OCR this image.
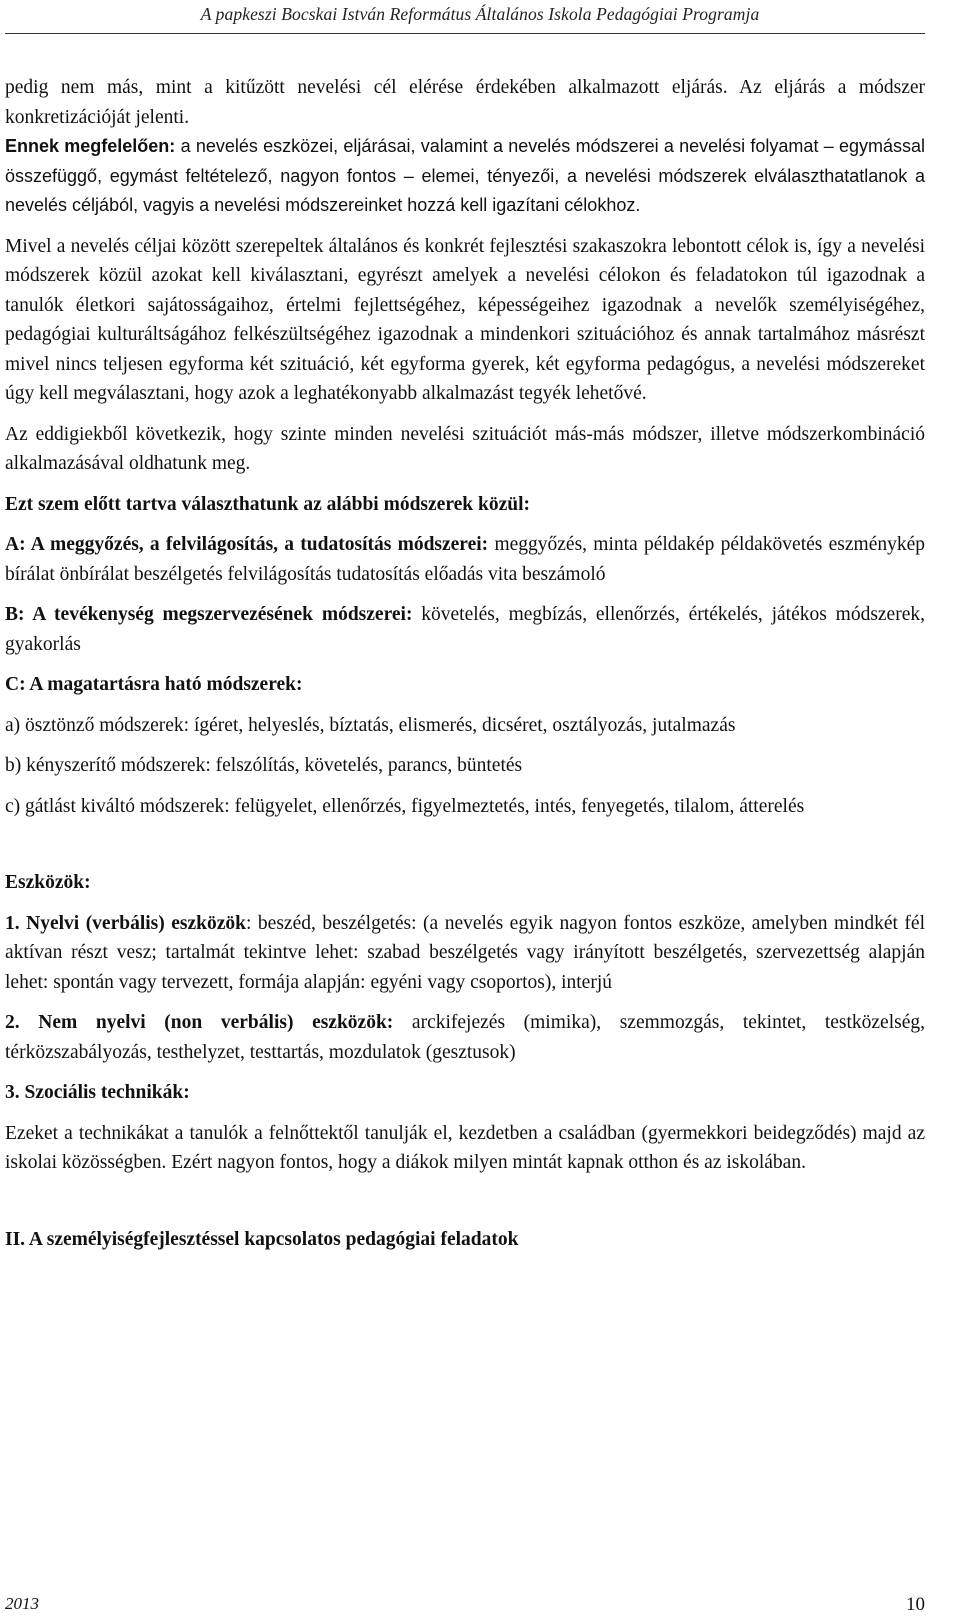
A papkeszi Bocskai István Református Általános Iskola Pedagógiai Programja

pedig nem más, mint a kitűzött nevelési cél elérése érdekében alkalmazott eljárás. Az eljárás a módszer konkretizációját jelenti.

Ennek megfelelően: a nevelés eszközei, eljárásai, valamint a nevelés módszerei a nevelési folyamat – egymással összefüggő, egymást feltételező, nagyon fontos – elemei, tényezői, a nevelési módszerek elválaszthatatlanok a nevelés céljából, vagyis a nevelési módszereinket hozzá kell igazítani célokhoz.

Mivel a nevelés céljai között szerepeltek általános és konkrét fejlesztési szakaszokra lebontott célok is, így a nevelési módszerek közül azokat kell kiválasztani, egyrészt amelyek a nevelési célokon és feladatokon túl igazodnak a tanulók életkori sajátosságaihoz, értelmi fejlettségéhez, képességeihez igazodnak a nevelők személyiségéhez, pedagógiai kulturáltságához felkészültségéhez igazodnak a mindenkori szituációhoz és annak tartalmához másrészt mivel nincs teljesen egyforma két szituáció, két egyforma gyerek, két egyforma pedagógus, a nevelési módszereket úgy kell megválasztani, hogy azok a leghatékonyabb alkalmazást tegyék lehetővé.

Az eddigiekből következik, hogy szinte minden nevelési szituációt más-más módszer, illetve módszerkombináció alkalmazásával oldhatunk meg.

Ezt szem előtt tartva választhatunk az alábbi módszerek közül:

A: A meggyőzés, a felvilágosítás, a tudatosítás módszerei: meggyőzés, minta példakép példakövetés eszménykép bírálat önbírálat beszélgetés felvilágosítás tudatosítás előadás vita beszámoló

B: A tevékenység megszervezésének módszerei: követelés, megbízás, ellenőrzés, értékelés, játékos módszerek, gyakorlás

C: A magatartásra ható módszerek:

a) ösztönző módszerek: ígéret, helyeslés, bíztatás, elismerés, dicséret, osztályozás, jutalmazás

b) kényszerítő módszerek: felszólítás, követelés, parancs, büntetés

c) gátlást kiváltó módszerek: felügyelet, ellenőrzés, figyelmeztetés, intés, fenyegetés, tilalom, átterelés

Eszközök:

1. Nyelvi (verbális) eszközök: beszéd, beszélgetés: (a nevelés egyik nagyon fontos eszköze, amelyben mindkét fél aktívan részt vesz; tartalmát tekintve lehet: szabad beszélgetés vagy irányított beszélgetés, szervezettség alapján lehet: spontán vagy tervezett, formája alapján: egyéni vagy csoportos), interjú

2. Nem nyelvi (non verbális) eszközök: arckifejezés (mimika), szemmozgás, tekintet, testközelség, térközszabályozás, testhelyzet, testtartás, mozdulatok (gesztusok)

3. Szociális technikák:

Ezeket a technikákat a tanulók a felnőttektől tanulják el, kezdetben a családban (gyermekkori beidegződés) majd az iskolai közösségben. Ezért nagyon fontos, hogy a diákok milyen mintát kapnak otthon és az iskolában.

II. A személyiségfejlesztéssel kapcsolatos pedagógiai feladatok

2013	10
